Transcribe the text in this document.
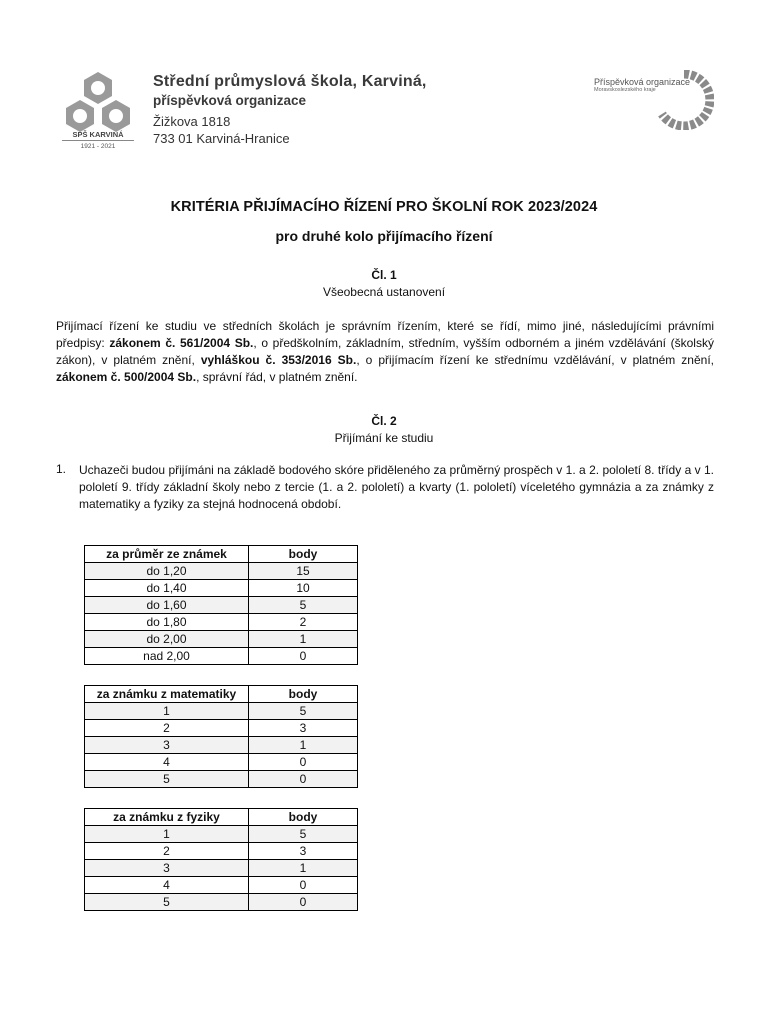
SPŠ KARVINÁ
1921 - 2021
Střední průmyslová škola, Karviná,
příspěvková organizace
Žižkova 1818
733 01 Karviná-Hranice
Příspěvková organizace
Moravskoslezského kraje
KRITÉRIA PŘIJÍMACÍHO ŘÍZENÍ PRO ŠKOLNÍ ROK 2023/2024
pro druhé kolo přijímacího řízení
Čl. 1
Všeobecná ustanovení
Přijímací řízení ke studiu ve středních školách je správním řízením, které se řídí, mimo jiné, následujícími právními předpisy: zákonem č. 561/2004 Sb., o předškolním, základním, středním, vyšším odborném a jiném vzdělávání (školský zákon), v platném znění, vyhláškou č. 353/2016 Sb., o přijímacím řízení ke střednímu vzdělávání, v platném znění, zákonem č. 500/2004 Sb., správní řád, v platném znění.
Čl. 2
Přijímání ke studiu
1. Uchazeči budou přijímáni na základě bodového skóre přiděleného za průměrný prospěch v 1. a 2. pololetí 8. třídy a v 1. pololetí 9. třídy základní školy nebo z tercie (1. a 2. pololetí) a kvarty (1. pololetí) víceletého gymnázia a za známky z matematiky a fyziky za stejná hodnocená období.
za průměr ze známek	body
do 1,20	15
do 1,40	10
do 1,60	5
do 1,80	2
do 2,00	1
nad 2,00	0
za známku z matematiky	body
1	5
2	3
3	1
4	0
5	0
za známku z fyziky	body
1	5
2	3
3	1
4	0
5	0
